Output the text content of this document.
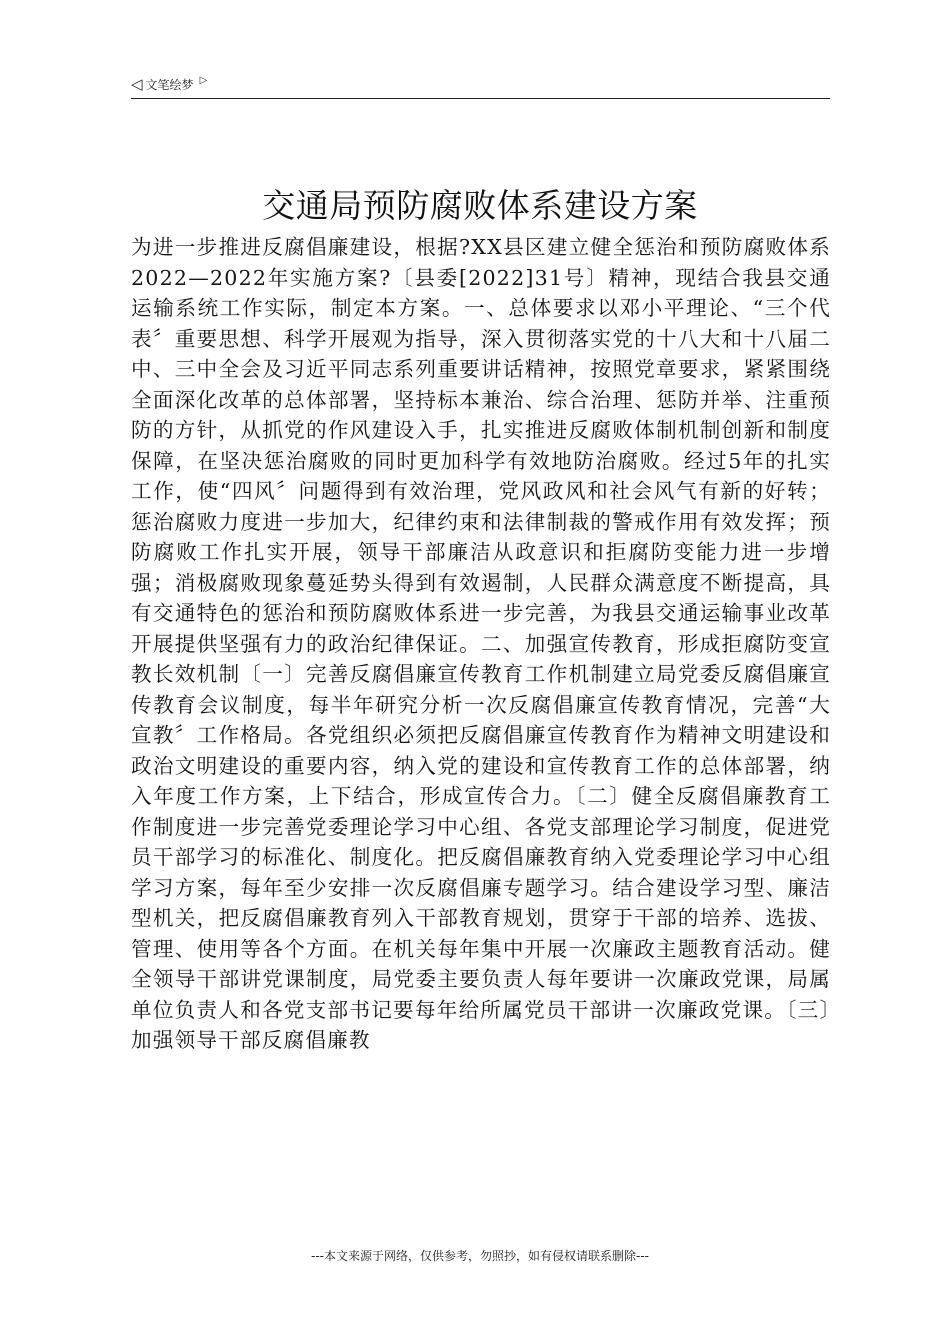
◁ 文笔绘梦 ▷
交通局预防腐败体系建设方案

为进一步推进反腐倡廉建设，根据?XX县区建立健全惩治和预防腐败体系2022—2022年实施方案?〔县委[2022]31号〕精神，现结合我县交通运输系统工作实际，制定本方案。一、总体要求以邓小平理论、“三个代表〞重要思想、科学开展观为指导，深入贯彻落实党的十八大和十八届二中、三中全会及习近平同志系列重要讲话精神，按照党章要求，紧紧围绕全面深化改革的总体部署，坚持标本兼治、综合治理、惩防并举、注重预防的方针，从抓党的作风建设入手，扎实推进反腐败体制机制创新和制度保障，在坚决惩治腐败的同时更加科学有效地防治腐败。经过5年的扎实工作，使“四风〞问题得到有效治理，党风政风和社会风气有新的好转；惩治腐败力度进一步加大，纪律约束和法律制裁的警戒作用有效发挥；预防腐败工作扎实开展，领导干部廉洁从政意识和拒腐防变能力进一步增强；消极腐败现象蔓延势头得到有效遏制，人民群众满意度不断提高，具有交通特色的惩治和预防腐败体系进一步完善，为我县交通运输事业改革开展提供坚强有力的政治纪律保证。二、加强宣传教育，形成拒腐防变宣教长效机制〔一〕完善反腐倡廉宣传教育工作机制建立局党委反腐倡廉宣传教育会议制度，每半年研究分析一次反腐倡廉宣传教育情况，完善“大宣教〞工作格局。各党组织必须把反腐倡廉宣传教育作为精神文明建设和政治文明建设的重要内容，纳入党的建设和宣传教育工作的总体部署，纳入年度工作方案，上下结合，形成宣传合力。〔二〕健全反腐倡廉教育工作制度进一步完善党委理论学习中心组、各党支部理论学习制度，促进党员干部学习的标准化、制度化。把反腐倡廉教育纳入党委理论学习中心组学习方案，每年至少安排一次反腐倡廉专题学习。结合建设学习型、廉洁型机关，把反腐倡廉教育列入干部教育规划，贯穿于干部的培养、选拔、管理、使用等各个方面。在机关每年集中开展一次廉政主题教育活动。健全领导干部讲党课制度，局党委主要负责人每年要讲一次廉政党课，局属单位负责人和各党支部书记要每年给所属党员干部讲一次廉政党课。〔三〕加强领导干部反腐倡廉教

---本文来源于网络，仅供参考，勿照抄，如有侵权请联系删除---
